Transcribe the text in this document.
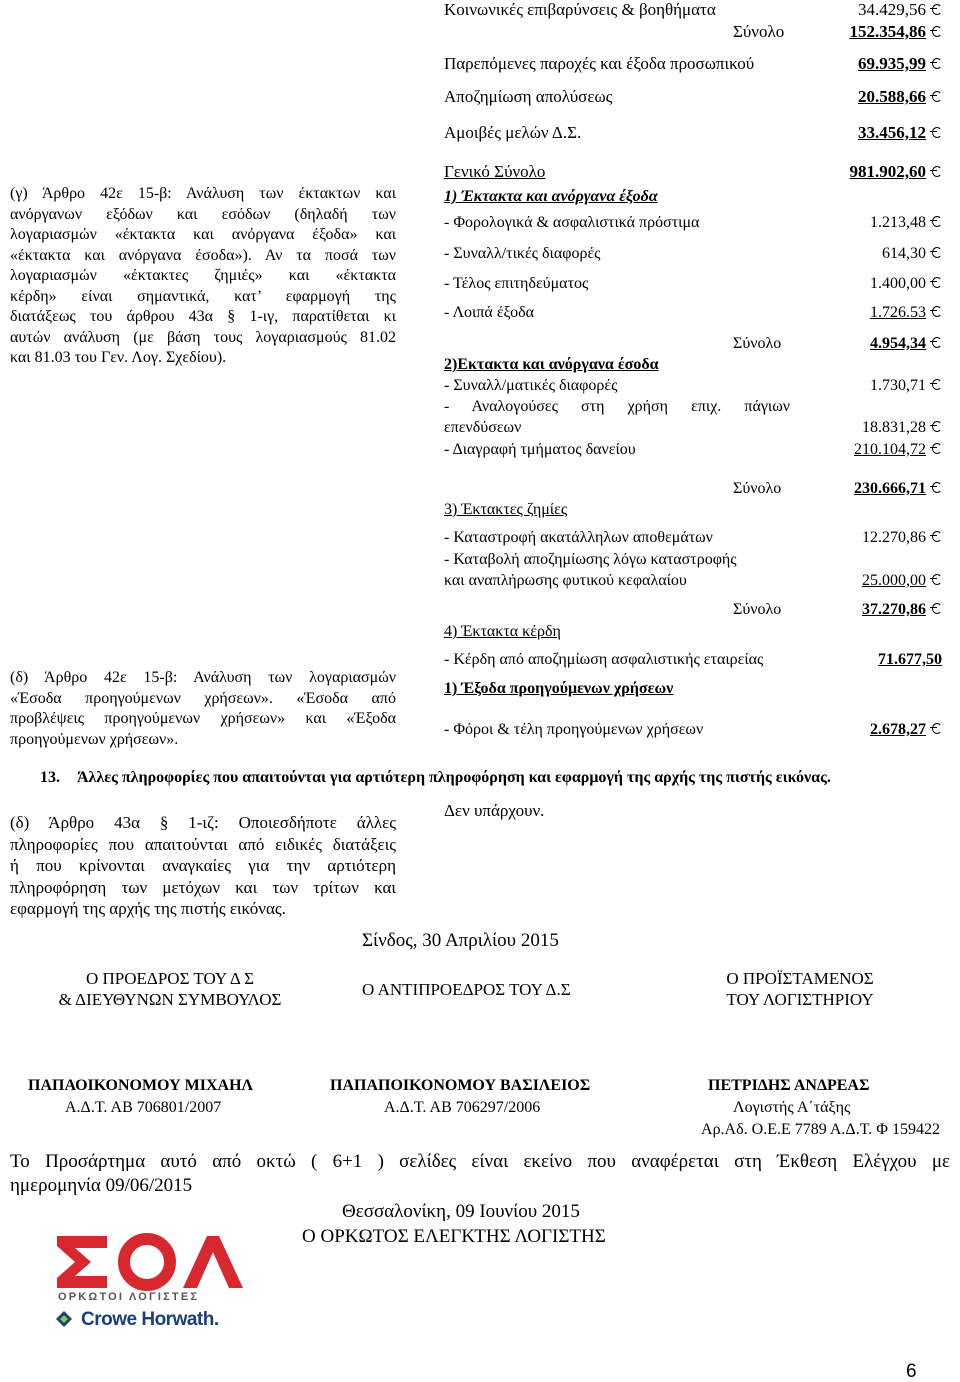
Κοινωνικές επιβαρύνσεις & βοηθήματα	34.429,56
Σύνολο	152.354,86
Παρεπόμενες παροχές και έξοδα προσωπικού	69.935,99
Αποζημίωση απολύσεως	20.588,66
Αμοιβές μελών Δ.Σ.	33.456,12
Γενικό Σύνολο	981.902,60
(γ) Άρθρο 42ε 15-β: Ανάλυση των έκτακτων και
ανόργανων εξόδων και εσόδων (δηλαδή των
λογαριασμών «έκτακτα και ανόργανα έξοδα» και
«έκτακτα και ανόργανα έσοδα»). Αν τα ποσά των
λογαριασμών «έκτακτες ζημιές» και «έκτακτα
κέρδη» είναι σημαντικά, κατ’ εφαρμογή της
διατάξεως του άρθρου 43α § 1-ιγ, παρατίθεται κι
αυτών ανάλυση (με βάση τους λογαριασμούς 81.02
και 81.03 του Γεν. Λογ. Σχεδίου).
1) Έκτακτα και ανόργανα έξοδα
- Φορολογικά & ασφαλιστικά πρόστιμα	1.213,48
- Συναλλ/τικές διαφορές	614,30
- Τέλος επιτηδεύματος	1.400,00
- Λοιπά έξοδα	1.726.53
Σύνολο	4.954,34
2)Εκτακτα και ανόργανα έσοδα
- Συναλλ/ματικές διαφορές	1.730,71
- Αναλογούσες στη χρήση επιχ. πάγιων
επενδύσεων	18.831,28
- Διαγραφή τμήματος δανείου	210.104,72
Σύνολο	230.666,71
3) Έκτακτες ζημίες
- Καταστροφή ακατάλληλων αποθεμάτων	12.270,86
- Καταβολή αποζημίωσης λόγω καταστροφής
και αναπλήρωσης φυτικού κεφαλαίου	25.000,00
Σύνολο	37.270,86
4) Έκτακτα κέρδη
- Κέρδη από αποζημίωση ασφαλιστικής εταιρείας	71.677,50
1) Έξοδα προηγούμενων χρήσεων
- Φόροι & τέλη προηγούμενων χρήσεων	2.678,27
(δ) Άρθρο 42ε 15-β: Ανάλυση των λογαριασμών
«Έσοδα προηγούμενων χρήσεων». «Έσοδα από
προβλέψεις προηγούμενων χρήσεων» και «Έξοδα
προηγούμενων χρήσεων».
13. Άλλες πληροφορίες που απαιτούνται για αρτιότερη πληροφόρηση και εφαρμογή της αρχής της πιστής εικόνας.
(δ) Άρθρο 43α § 1-ιζ: Οποιεσδήποτε άλλες
πληροφορίες που απαιτούνται από ειδικές διατάξεις
ή που κρίνονται αναγκαίες για την αρτιότερη
πληροφόρηση των μετόχων και των τρίτων και
εφαρμογή της αρχής της πιστής εικόνας.
Δεν υπάρχουν.
Σίνδος, 30 Απριλίου 2015
Ο ΠΡΟΕΔΡΟΣ ΤΟΥ Δ Σ
& ΔΙΕΥΘΥΝΩΝ ΣΥΜΒΟΥΛΟΣ
Ο ΑΝΤΙΠΡΟΕΔΡΟΣ ΤΟΥ Δ.Σ
Ο ΠΡΟΪΣΤΑΜΕΝΟΣ
ΤΟΥ ΛΟΓΙΣΤΗΡΙΟΥ
ΠΑΠΑΟΙΚΟΝΟΜΟΥ ΜΙΧΑΗΛ
Α.Δ.Τ. ΑΒ 706801/2007
ΠΑΠΑΠΟΙΚΟΝΟΜΟΥ ΒΑΣΙΛΕΙΟΣ
Α.Δ.Τ. ΑΒ 706297/2006
ΠΕΤΡΙΔΗΣ ΑΝΔΡΕΑΣ
Λογιστής Α΄τάξης
Αρ.Αδ. Ο.Ε.Ε 7789 Α.Δ.Τ. Φ 159422
Το Προσάρτημα αυτό από οκτώ ( 6+1 ) σελίδες είναι εκείνο που αναφέρεται στη Έκθεση Ελέγχου με
ημερομηνία 09/06/2015
Θεσσαλονίκη, 09 Ιουνίου 2015
Ο ΟΡΚΩΤΟΣ ΕΛΕΓΚΤΗΣ ΛΟΓΙΣΤΗΣ
6
ΟΡΚΩΤΟΙ ΛΟΓΙΣΤΕΣ
Crowe Horwath.
